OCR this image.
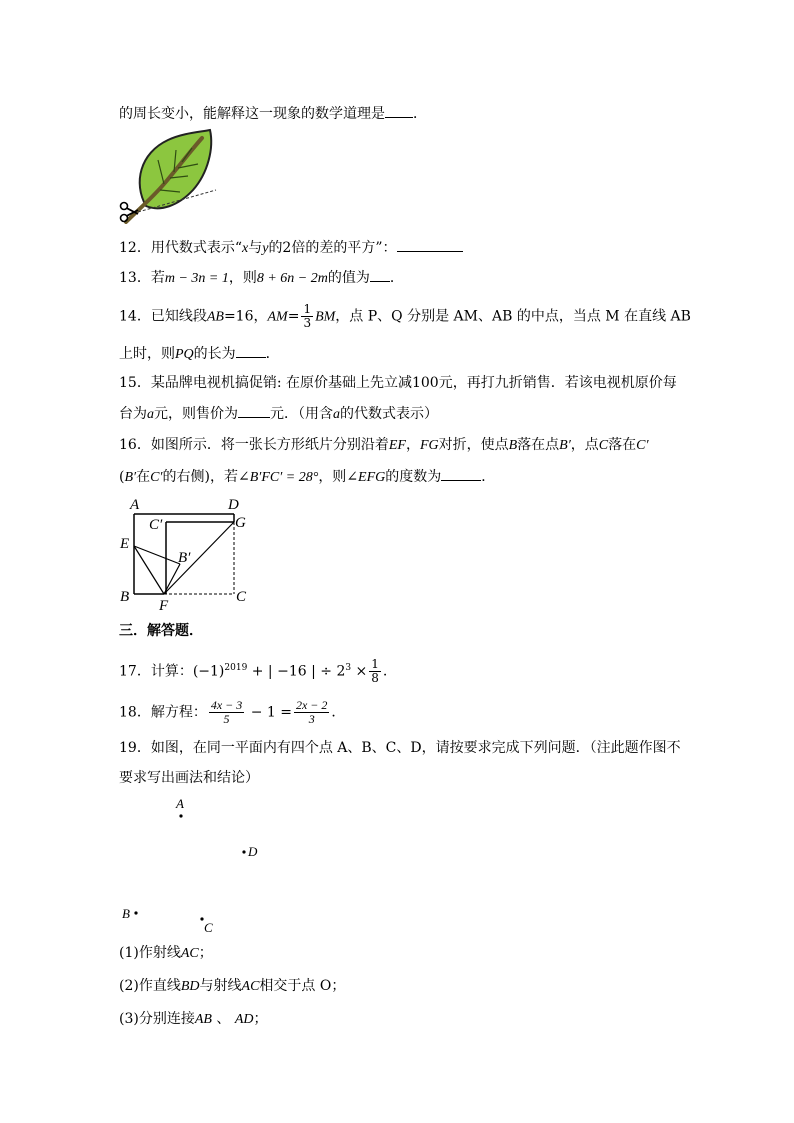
的周长变小，能解释这一现象的数学道理是 ．
12．用代数式表示“x与y的2倍的差的平方”：
13．若m − 3n = 1，则8 + 6n − 2m的值为 ．
14．已知线段AB=16，$AM= \frac{1}{3}$ BM，点 P、Q 分别是 AM、AB 的中点，当点 M 在直线 AB
上时，则PQ的长为 ．
15．某品牌电视机搞促销: 在原价基础上先立减100元，再打九折销售．若该电视机原价每
台为a元，则售价为 元．（用含a的代数式表示）
16．如图所示．将一张长方形纸片分别沿着EF，FG对折，使点B落在点B′，点C落在C′
(B′在C′的右侧)，若∠B′FC′ = 28°，则∠EFG的度数为	．
A	D
C′	G
E
B′
B
F
C
三．解答题．
17．计算：$(-1)^{2019}$ + | −16 | ÷ $2^3 \times \frac{1}{8}$ .
18．解方程： $\frac{4x - 3}{5} - 1 = \frac{2x - 2}{3}$ ．
19．如图，在同一平面内有四个点 A、B、C、D，请按要求完成下列问题．（注此题作图不
要求写出画法和结论）
A
D
B
C
(1)作射线AC；
(2)作直线BD与射线AC相交于点 O；
(3)分别连接AB 、 AD；
